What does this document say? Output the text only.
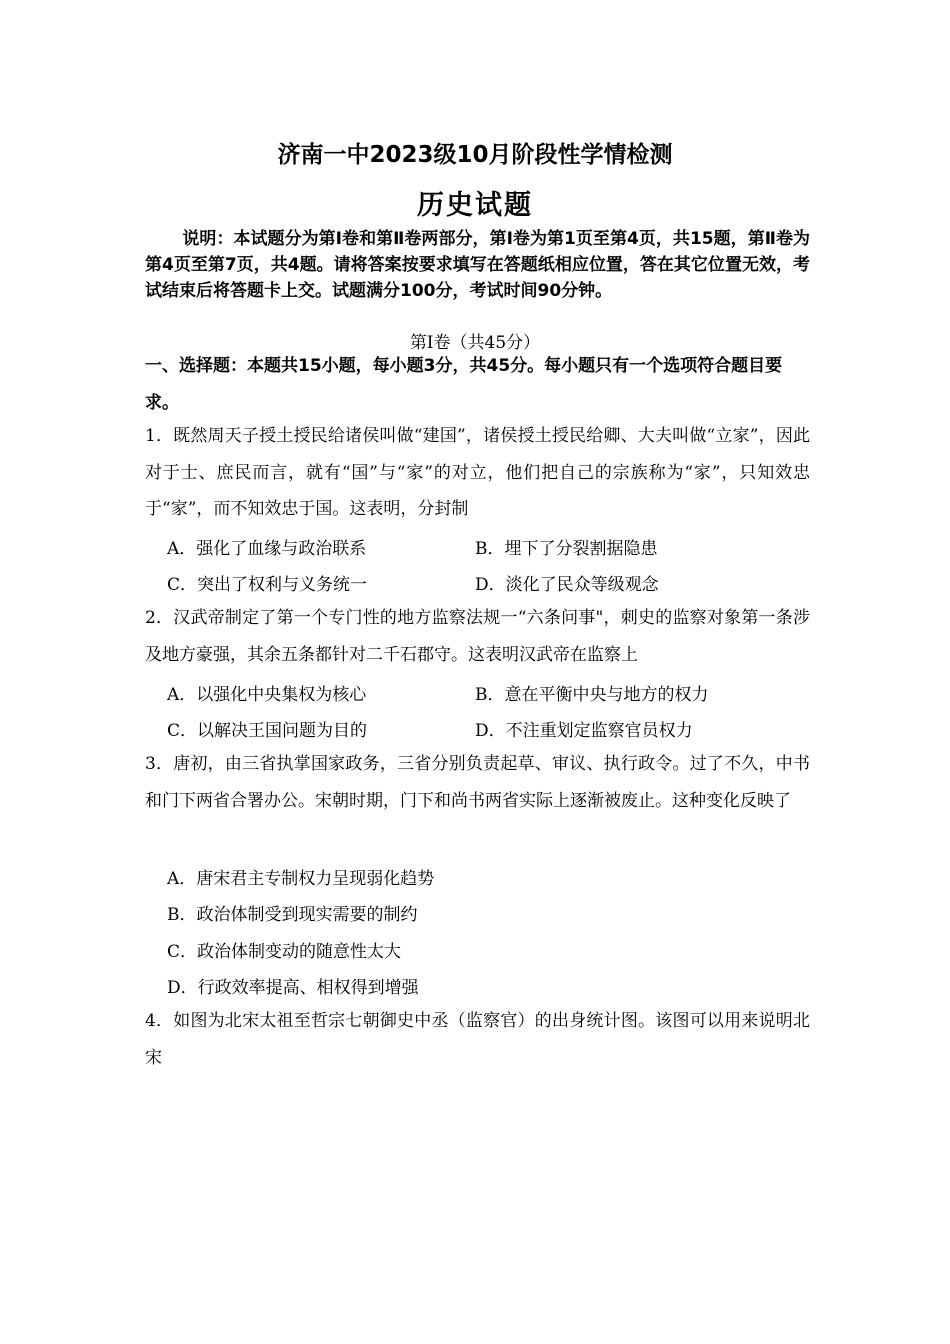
济南一中2023级10月阶段性学情检测
历史试题
说明：本试题分为第Ⅰ卷和第Ⅱ卷两部分，第Ⅰ卷为第1页至第4页，共15题，第Ⅱ卷为第4页至第7页，共4题。请将答案按要求填写在答题纸相应位置，答在其它位置无效，考试结束后将答题卡上交。试题满分100分，考试时间90分钟。
第Ⅰ卷（共45分）
一、选择题：本题共15小题，每小题3分，共45分。每小题只有一个选项符合题目要求。
1．既然周天子授土授民给诸侯叫做“建国”，诸侯授土授民给卿、大夫叫做“立家”，因此对于士、庶民而言，就有“国”与“家”的对立，他们把自己的宗族称为“家”，只知效忠于“家”，而不知效忠于国。这表明，分封制
A．强化了血缘与政治联系	B．埋下了分裂割据隐患
C．突出了权利与义务统一	D．淡化了民众等级观念
2．汉武帝制定了第一个专门性的地方监察法规一“六条问事"，刺史的监察对象第一条涉及地方豪强，其余五条都针对二千石郡守。这表明汉武帝在监察上
A．以强化中央集权为核心	B．意在平衡中央与地方的权力
C．以解决王国问题为目的	D．不注重划定监察官员权力
3．唐初，由三省执掌国家政务，三省分别负责起草、审议、执行政令。过了不久，中书和门下两省合署办公。宋朝时期，门下和尚书两省实际上逐渐被废止。这种变化反映了
A．唐宋君主专制权力呈现弱化趋势
B．政治体制受到现实需要的制约
C．政治体制变动的随意性太大
D．行政效率提高、相权得到增强
4．如图为北宋太祖至哲宗七朝御史中丞（监察官）的出身统计图。该图可以用来说明北宋
